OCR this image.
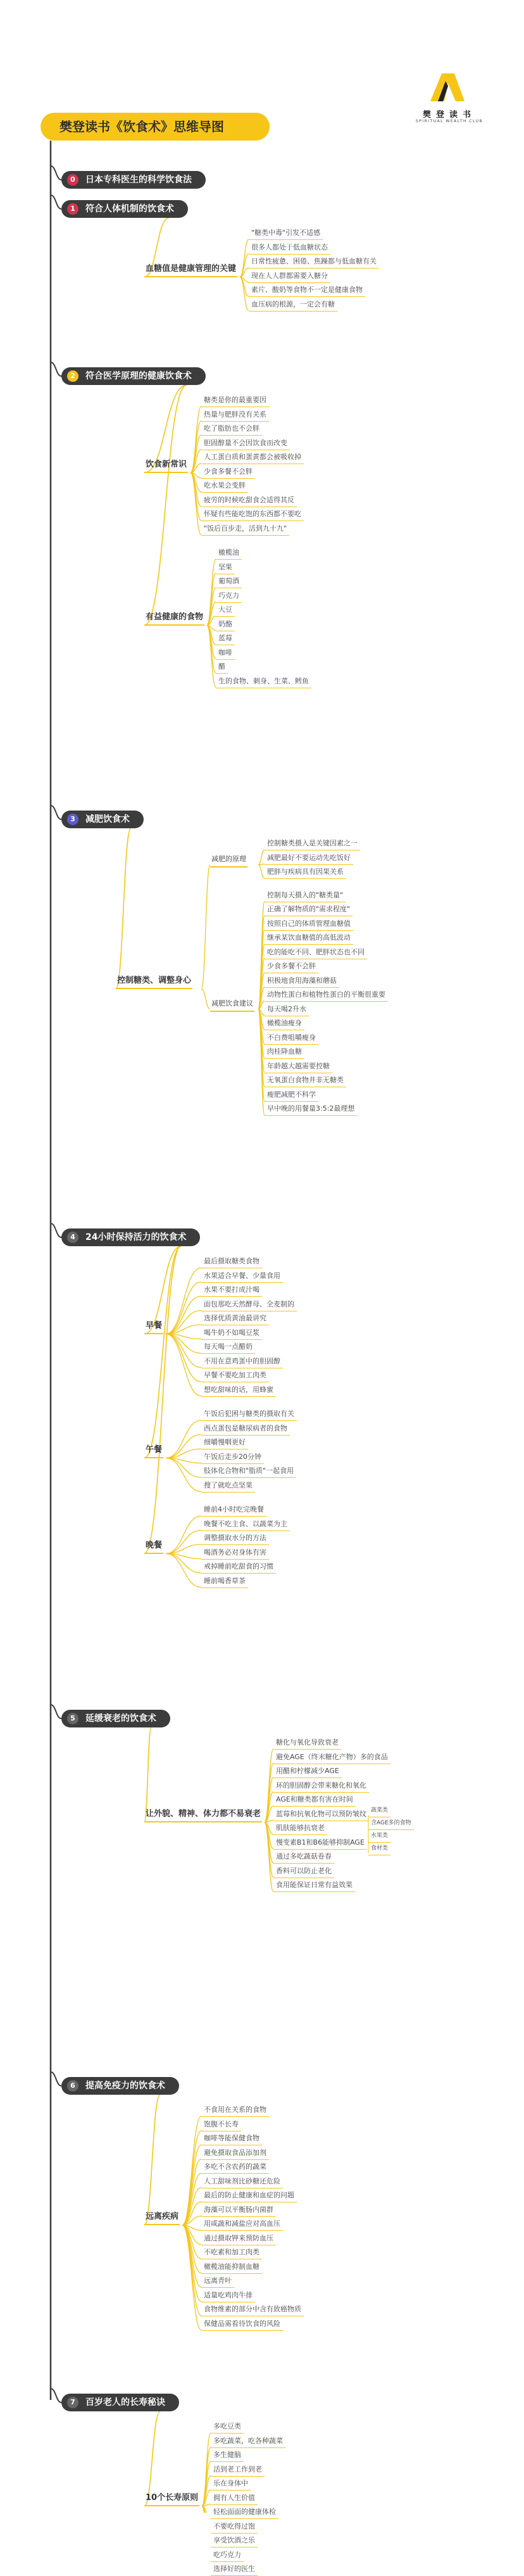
樊登读书《饮食术》思维导图
樊登读书
SPIRITUAL WEALTH CLUB
0	日本专科医生的科学饮食法
1	符合人体机制的饮食术
血糖值是健康管理的关键
"糖类中毒"引发不适感
很多人都处于低血糖状态
日常性疲惫、困倦、焦躁都与低血糖有关
现在人人群都需要入糖分
素片、酸奶等食物不一定是健康食物
血压病的根源，一定会有糖
2	符合医学原理的健康饮食术
饮食新常识
糖类是你的最重要因
热量与肥胖没有关系
吃了脂肪也不会胖
胆固醇量不会因饮食而改变
人工蛋白质和蛋黄都会被吸收掉
少食多餐不会胖
吃水果会变胖
疲劳的时候吃甜食会适得其反
怀疑有些能吃饱的东西都不要吃
"饭后百步走，活到九十九"
有益健康的食物
橄榄油
坚果
葡萄酒
巧克力
大豆
奶酪
蓝莓
咖啡
醋
生的食物、刺身、生菜、鳕鱼
3	减肥饮食术
减肥的原理
控制糖类摄入是关键因素之一
减肥最好不要运动先吃饭好
肥胖与疾病具有因果关系
减肥饮食建议
控制每天摄入的"糖类量"
正确了解物质的"需求程度"
按照自己的体质管理血糖值
继承某饮血糖值的高低波动
吃的能吃不同、肥胖状态也不同
少食多餐不会胖
积极地食用海藻和蘑菇
动物性蛋白和植物性蛋白的平衡很重要
每天喝2升水
橄榄油瘦身
不白费咀嚼瘦身
肉桂降血糖
年龄越大越需要控糖
无氧蛋白食物并非无糖类
瘦肥减肥不科学
早中晚的用餐量3:5:2最理想
控制糖类、调整身心
4	24小时保持活力的饮食术
早餐
最后摄取糖类食物
水果适合早餐、少量食用
水果不要打成汁喝
面包那吃天然酵母、全麦制的
选择优质黄油最讲究
喝牛奶不如喝豆浆
每天喝一点醋奶
不用在意鸡蛋中的胆固醇
早餐不要吃加工肉类
想吃甜味的话，用蜂蜜
午餐
午饭后犯困与糖类的摄取有关
西点蛋包是糖尿病者的食物
细嚼慢咽更好
午饭后走步20分钟
肢体化合物和"脂质"一起食用
搜了就吃点坚果
晚餐
睡前4小时吃完晚餐
晚餐不吃主食、以蔬菜为主
调整摄取水分的方法
喝酒务必对身体有害
戒掉睡前吃甜食的习惯
睡前喝香草茶
5	延缓衰老的饮食术
让外貌、精神、体力都不易衰老
糖化与氧化导致衰老
避免AGE（终末糖化产物）多的食品
用醋和柠檬减少AGE
环的胆固醇会带来糖化和氧化
AGE和糖类都有害在时间
蓝莓和抗氧化物可以预防皱纹
肌肤能够抗衰老
慢变素B1和B6能够抑制AGE
通过多吃蔬菇卷春
香料可以防止老化
食用能保证日常有益效果
蔬菜类
含AGE多的食物
水果类
食材类
6	提高免疫力的饮食术
远离疾病
不食用在关系的食物
饱腹不长寿
咖啡等能保健食物
避免摄取食品添加剂
多吃不含农药的蔬菜
人工甜味剂比砂糖还危险
最后的防止健康和血症的问题
海藻可以平衡肠内菌群
用咸蔬和减盐应对高血压
通过摄取钾来预防血压
不吃素和加工肉类
橄榄油能抑制血糖
远离青叶
适量吃鸡肉牛排
食物维素的部分中含有致癌物质
保健品需看待饮食的风险
7	百岁老人的长寿秘诀
10个长寿原则
多吃豆类
多吃蔬菜，吃各种蔬菜
多生健脑
活到老工作到老
乐在身体中
拥有人生价值
轻松面面的健康体检
不要吃得过饱
享受饮酒之乐
吃巧克力
选择好的医生
